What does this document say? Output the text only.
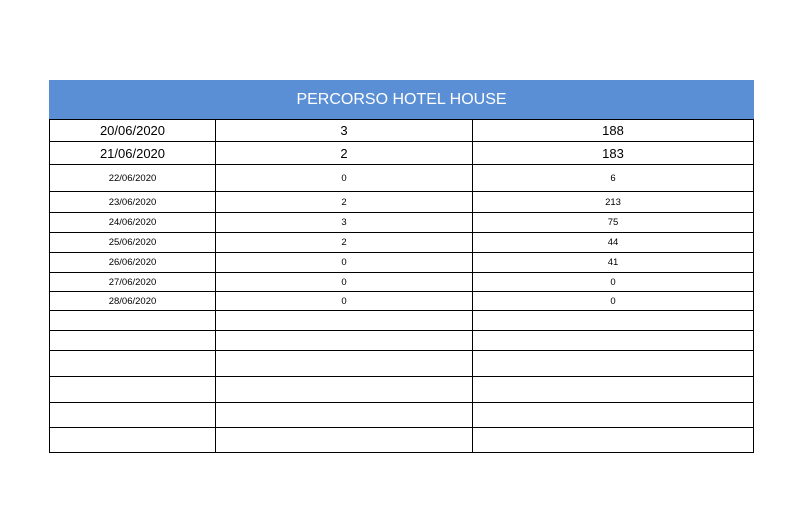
PERCORSO HOTEL HOUSE		
20/06/2020	3	188
21/06/2020	2	183
22/06/2020	0	6
23/06/2020	2	213
24/06/2020	3	75
25/06/2020	2	44
26/06/2020	0	41
27/06/2020	0	0
28/06/2020	0	0
